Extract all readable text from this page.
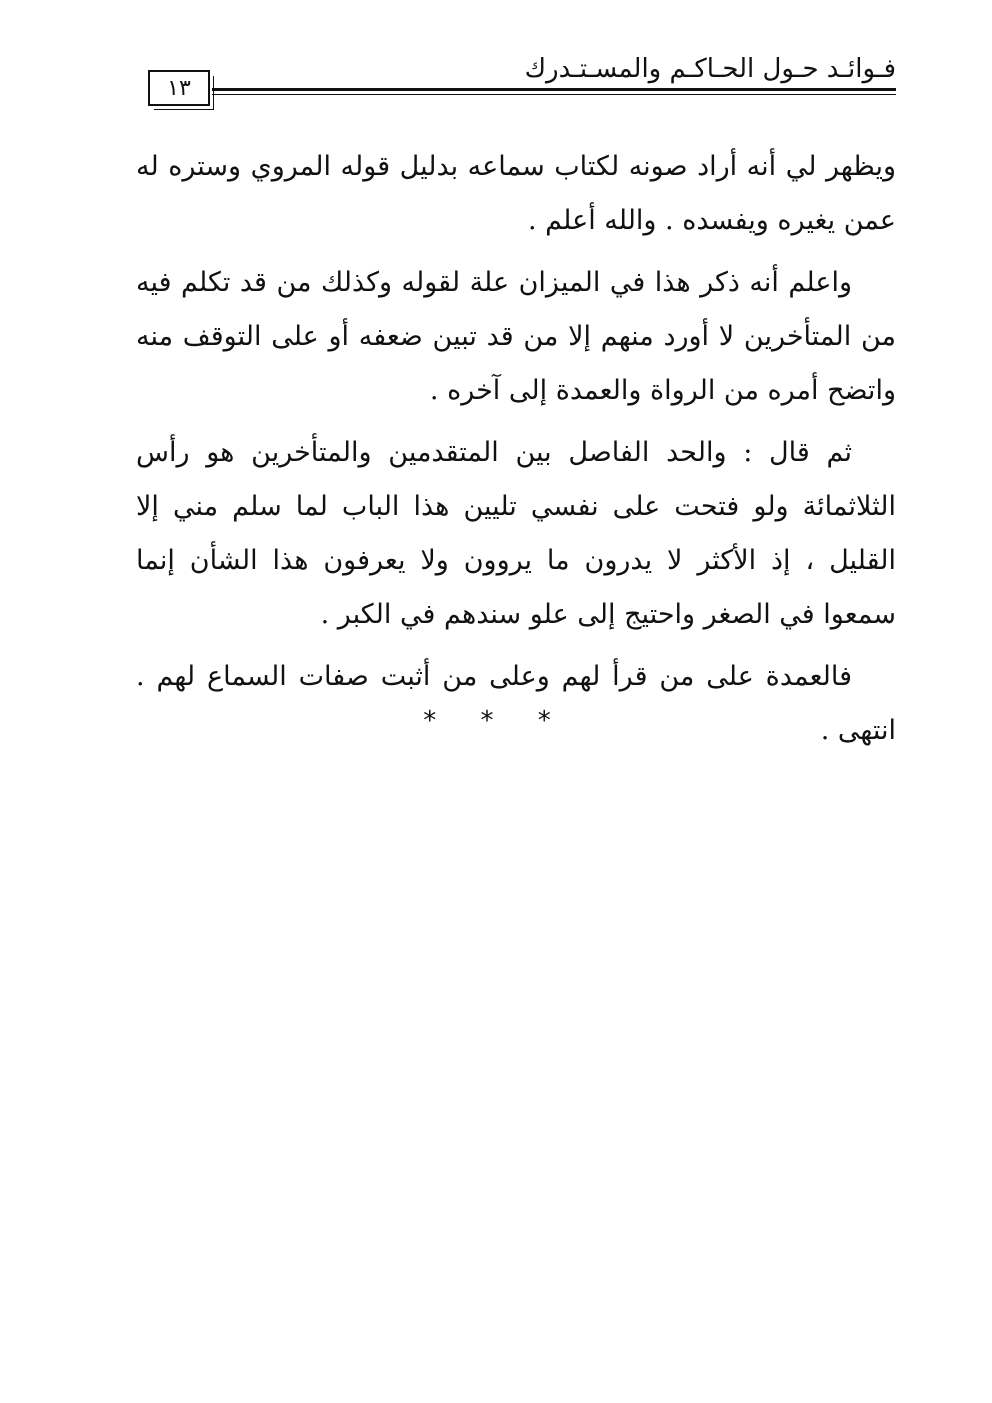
فـوائـد حـول الحـاكـم والمسـتـدرك
١٣

ويظهر لي أنه أراد صونه لكتاب سماعه بدليل قوله المروي وستره له عمن يغيره ويفسده . والله أعلم .

واعلم أنه ذكر هذا في الميزان علة لقوله وكذلك من قد تكلم فيه من المتأخرين لا أورد منهم إلا من قد تبين ضعفه أو على التوقف منه واتضح أمره من الرواة والعمدة إلى آخره .

ثم قال : والحد الفاصل بين المتقدمين والمتأخرين هو رأس الثلاثمائة ولو فتحت على نفسي تليين هذا الباب لما سلم مني إلا القليل ، إذ الأكثر لا يدرون ما يروون ولا يعرفون هذا الشأن إنما سمعوا في الصغر واحتيج إلى علو سندهم في الكبر .

فالعمدة على من قرأ لهم وعلى من أثبت صفات السماع لهم . انتهى .

* * *
